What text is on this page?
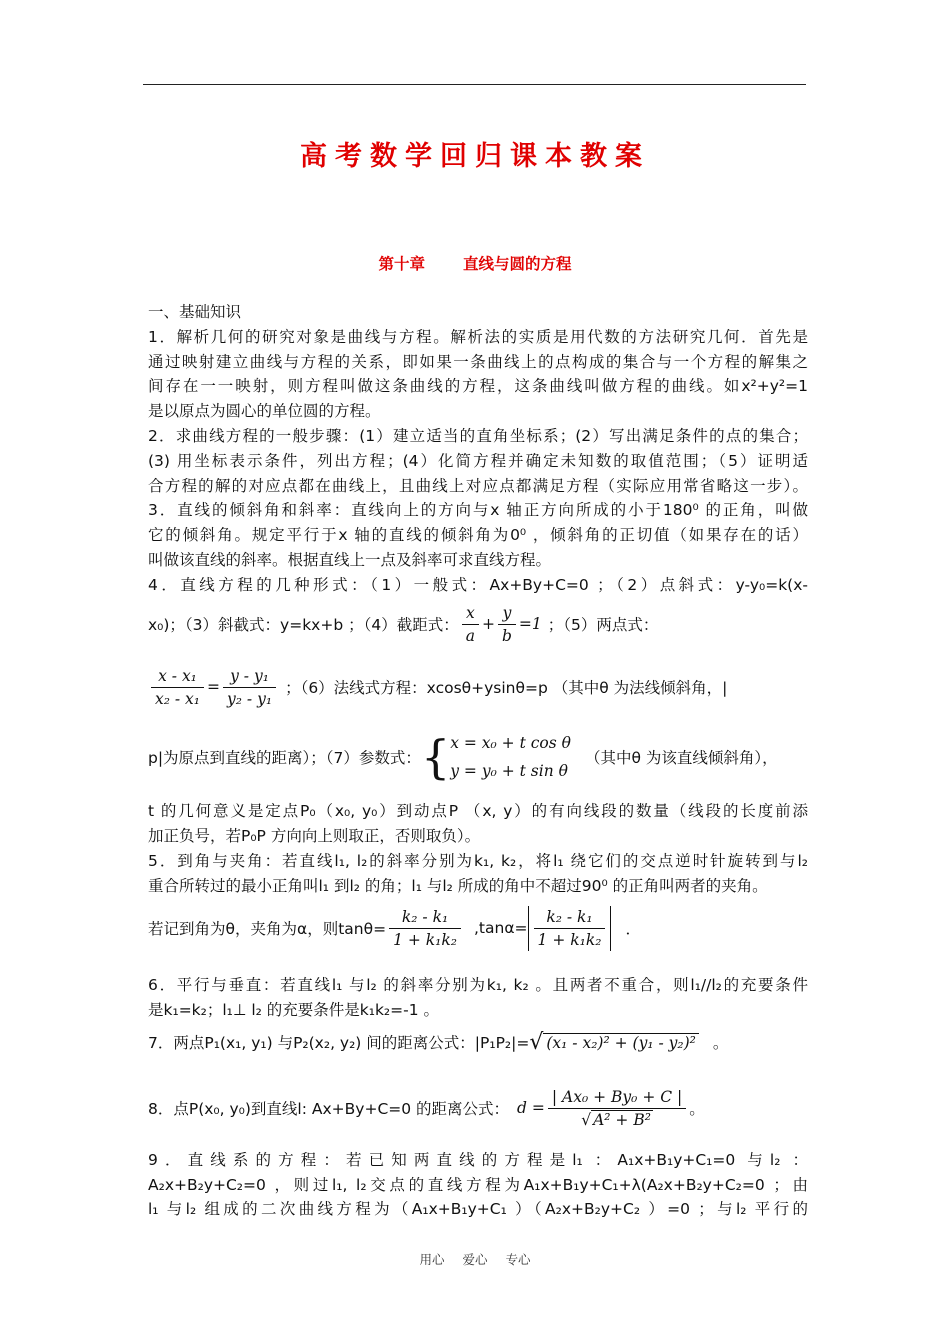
高考数学回归课本教案
第十章 直线与圆的方程
一、基础知识
1．解析几何的研究对象是曲线与方程。解析法的实质是用代数的方法研究几何．首先是
通过映射建立曲线与方程的关系，即如果一条曲线上的点构成的集合与一个方程的解集之
间存在一一映射，则方程叫做这条曲线的方程，这条曲线叫做方程的曲线。如x²+y²=1
是以原点为圆心的单位圆的方程。
2．求曲线方程的一般步骤：(1）建立适当的直角坐标系；(2）写出满足条件的点的集合；
(3) 用坐标表示条件，列出方程；(4）化简方程并确定未知数的取值范围；（5）证明适
合方程的解的对应点都在曲线上，且曲线上对应点都满足方程（实际应用常省略这一步）。
3．直线的倾斜角和斜率：直线向上的方向与x 轴正方向所成的小于180⁰ 的正角，叫做
它的倾斜角。规定平行于x 轴的直线的倾斜角为0⁰ ，倾斜角的正切值（如果存在的话）
叫做该直线的斜率。根据直线上一点及斜率可求直线方程。
4．直线方程的几种形式：（1）一般式：Ax+By+C=0 ；（2）点斜式：y-y₀=k(x-
x₀)；（3）斜截式：y=kx+b ；（4）截距式： $\frac{x}{a} + \frac{y}{b} =1$ ；（5）两点式：
$\frac{\text{x - x₁}}{\text{x₂ - x₁}} = \frac{\text{y - y₁}}{\text{y₂ - y₁}}$ ；（6）法线式方程：xcosθ+ysinθ=p （其中θ 为法线倾斜角，|
p|为原点到直线的距离）；（7）参数式： { x = x₀ + t cos θ
y = y₀ + t sin θ
（其中θ 为该直线倾斜角），
t 的几何意义是定点P₀（x₀, y₀）到动点P （x, y）的有向线段的数量（线段的长度前添
加正负号，若P₀P 方向向上则取正，否则取负）。
5．到角与夹角：若直线l₁, l₂的斜率分别为k₁, k₂，将l₁ 绕它们的交点逆时针旋转到与l₂
重合所转过的最小正角叫l₁ 到l₂ 的角；l₁ 与l₂ 所成的角中不超过90⁰ 的正角叫两者的夹角。
若记到角为θ，夹角为α，则$\tan\theta= \frac{\text{k₂ - k₁}}{\text{1 + k₁k₂}} ,\tan\alpha= \frac{\text{k₂ - k₁}}{\text{1 + k₁k₂}}$ ．
6．平行与垂直：若直线l₁ 与l₂ 的斜率分别为k₁, k₂ 。且两者不重合，则l₁//l₂的充要条件
是k₁=k₂；l₁⊥ l₂ 的充要条件是k₁k₂=-1 。
7．两点P₁(x₁, y₁) 与P₂(x₂, y₂) 间的距离公式：|P₁P₂|= √ (x₁ - x₂)² + (y₁ - y₂)² 。
8．点P(x₀, y₀)到直线l: Ax+By+C=0 的距离公式： $d = \frac{\text{| Ax₀ + By₀ + C |}}{\text{√ A² + B²}}$ 。
9．直线系的方程：若已知两直线的方程是l₁ ：A₁x+B₁y+C₁=0 与l₂ ：
A₂x+B₂y+C₂=0 ，则过l₁, l₂交点的直线方程为A₁x+B₁y+C₁+λ(A₂x+B₂y+C₂=0 ；由
l₁ 与l₂ 组成的二次曲线方程为（A₁x+B₁y+C₁ ）（A₂x+B₂y+C₂ ）=0 ；与l₂ 平行的
用心 爱心 专心
